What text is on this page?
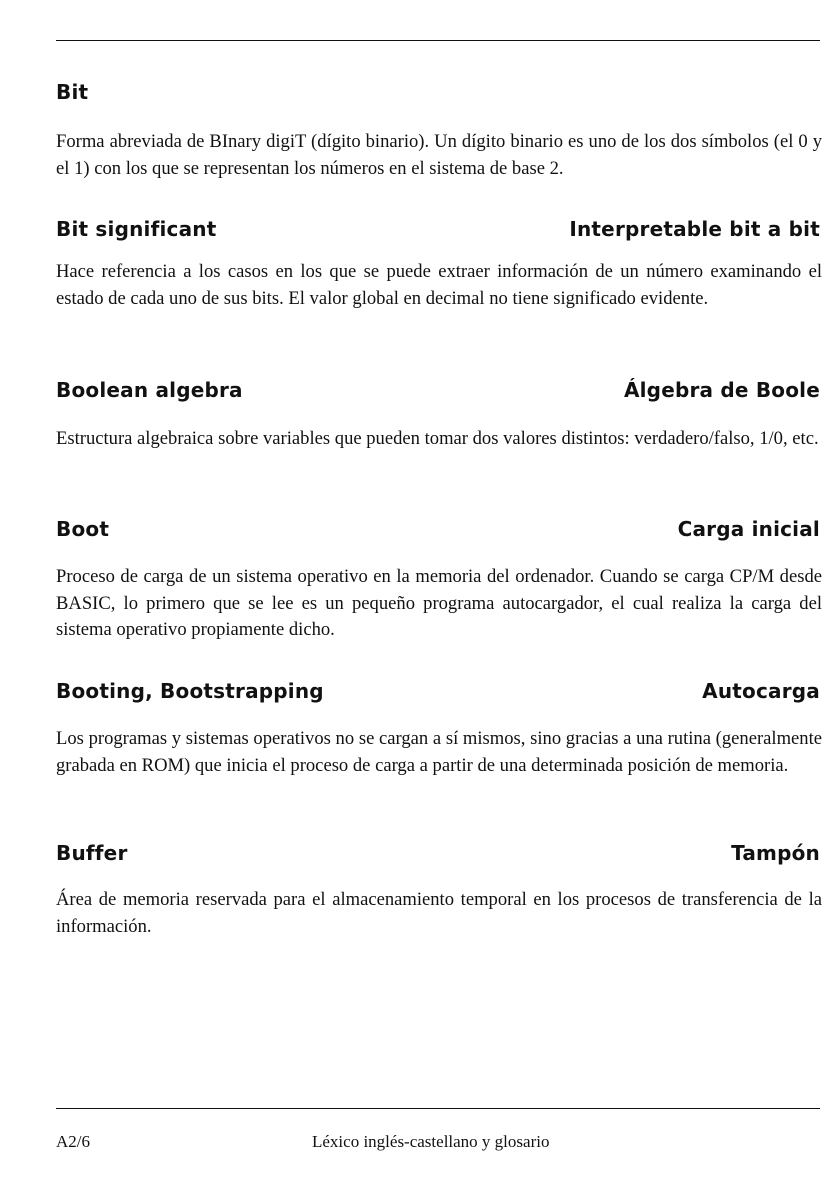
Bit

Forma abreviada de BInary digiT (dígito binario). Un dígito binario es uno de los dos símbolos (el 0 y el 1) con los que se representan los números en el sistema de base 2.

Bit significant	Interpretable bit a bit

Hace referencia a los casos en los que se puede extraer información de un número examinando el estado de cada uno de sus bits. El valor global en decimal no tiene significado evidente.

Boolean algebra	Álgebra de Boole

Estructura algebraica sobre variables que pueden tomar dos valores distintos: verdadero/falso, 1/0, etc.

Boot	Carga inicial

Proceso de carga de un sistema operativo en la memoria del ordenador. Cuando se carga CP/M desde BASIC, lo primero que se lee es un pequeño programa autocargador, el cual realiza la carga del sistema operativo propiamente dicho.

Booting, Bootstrapping	Autocarga

Los programas y sistemas operativos no se cargan a sí mismos, sino gracias a una rutina (generalmente grabada en ROM) que inicia el proceso de carga a partir de una determinada posición de memoria.

Buffer	Tampón

Área de memoria reservada para el almacenamiento temporal en los procesos de transferencia de la información.

A2/6	Léxico inglés-castellano y glosario
